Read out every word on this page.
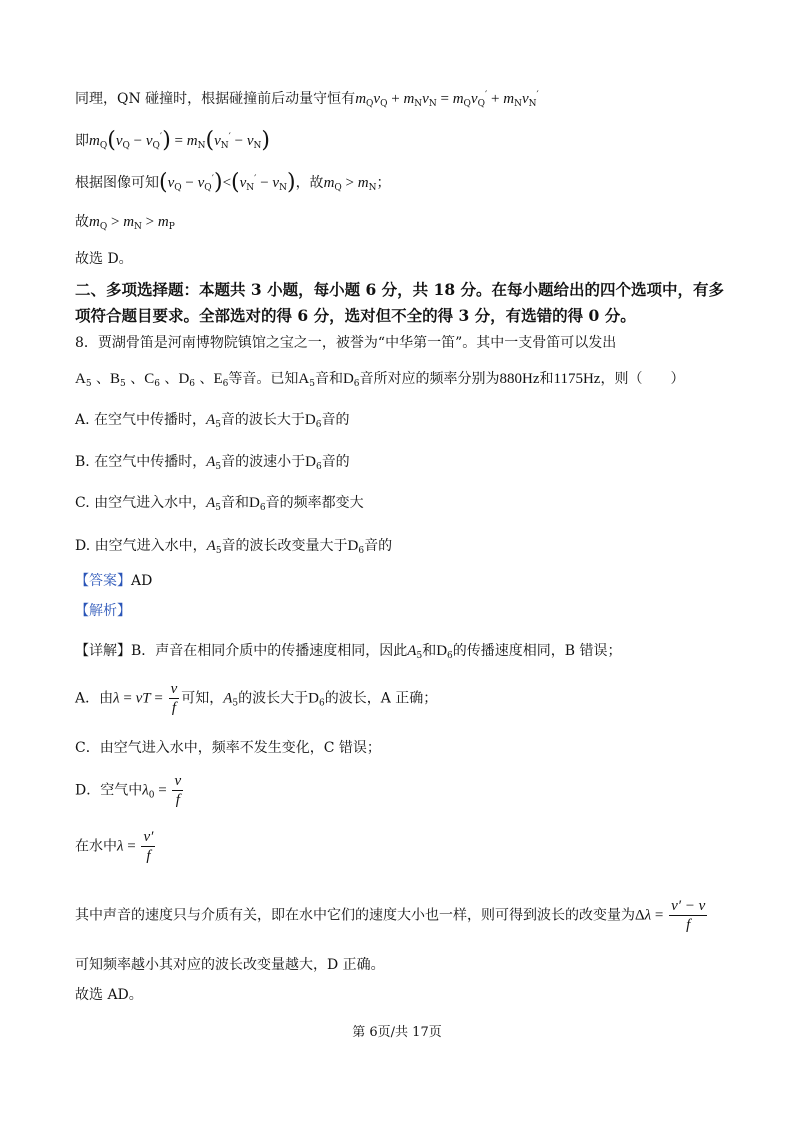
同理，QN 碰撞时，根据碰撞前后动量守恒有$m_Qv_Q + m_Nv_N = m_Qv_Q' + m_Nv_N'$
即$m_Q(v_Q - v_Q') = m_N(v_N' - v_N)$
根据图像可知$(v_Q - v_Q')<(v_N' - v_N)$，故$m_Q > m_N$；
故$m_Q > m_N > m_P$
故选 D。
二、多项选择题：本题共 3 小题，每小题 6 分，共 18 分。在每小题给出的四个选项中，有多
项符合题目要求。全部选对的得 6 分，选对但不全的得 3 分，有选错的得 0 分。
8．贾湖骨笛是河南博物院镇馆之宝之一，被誉为“中华第一笛”。其中一支骨笛可以发出
$A_5$ 、$B_5$ 、$C_6$ 、$D_6$ 、$E_6$等音。已知$A_5$音和$D_6$音所对应的频率分别为880Hz和1175Hz，则（　　）
A. 在空气中传播时，$A_5$音的波长大于$D_6$音的
B. 在空气中传播时，$A_5$音的波速小于$D_6$音的
C. 由空气进入水中，$A_5$音和$D_6$音的频率都变大
D. 由空气进入水中，$A_5$音的波长改变量大于$D_6$音的
【答案】AD
【解析】
【详解】B．声音在相同介质中的传播速度相同，因此$A_5$和$D_6$的传播速度相同，B 错误；
A．由λ = vT = $\frac{v}{f}$ 可知，$A_5$的波长大于$D_6$的波长，A 正确；
C．由空气进入水中，频率不发生变化，C 错误；
D．空气中$\lambda_0 = \frac{v}{f}$
在水中$\lambda = \frac{v'}{f}$
其中声音的速度只与介质有关，即在水中它们的速度大小也一样，则可得到波长的改变量为$\Delta\lambda = \frac{v' - v}{f}$
可知频率越小其对应的波长改变量越大，D 正确。
故选 AD。
第 6页/共 17页
